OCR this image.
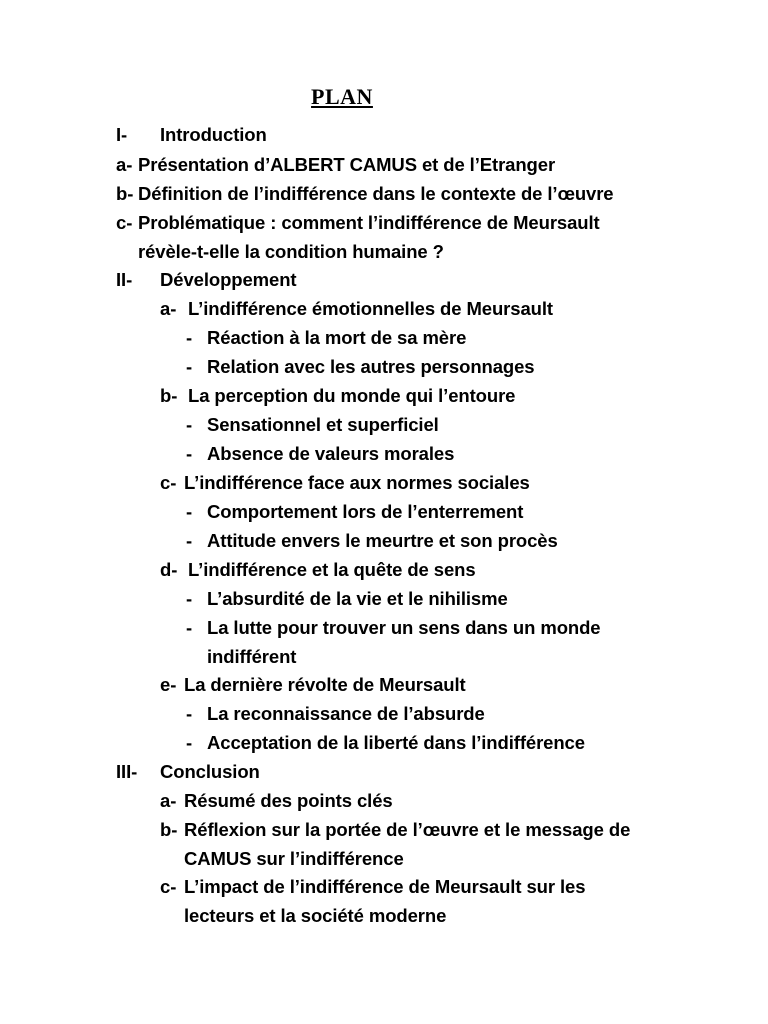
PLAN
I- Introduction
a- Présentation d’ALBERT CAMUS et de l’Etranger
b- Définition de l’indifférence dans le contexte de l’œuvre
c- Problématique : comment l’indifférence de Meursault
révèle-t-elle la condition humaine ?
II- Développement
a- L’indifférence émotionnelles de Meursault
- Réaction à la mort de sa mère
- Relation avec les autres personnages
b- La perception du monde qui l’entoure
- Sensationnel et superficiel
- Absence de valeurs morales
c- L’indifférence face aux normes sociales
- Comportement lors de l’enterrement
- Attitude envers le meurtre et son procès
d- L’indifférence et la quête de sens
- L’absurdité de la vie et le nihilisme
- La lutte pour trouver un sens dans un monde
indifférent
e- La dernière révolte de Meursault
- La reconnaissance de l’absurde
- Acceptation de la liberté dans l’indifférence
III- Conclusion
a- Résumé des points clés
b- Réflexion sur la portée de l’œuvre et le message de
CAMUS sur l’indifférence
c- L’impact de l’indifférence de Meursault sur les
lecteurs et la société moderne
